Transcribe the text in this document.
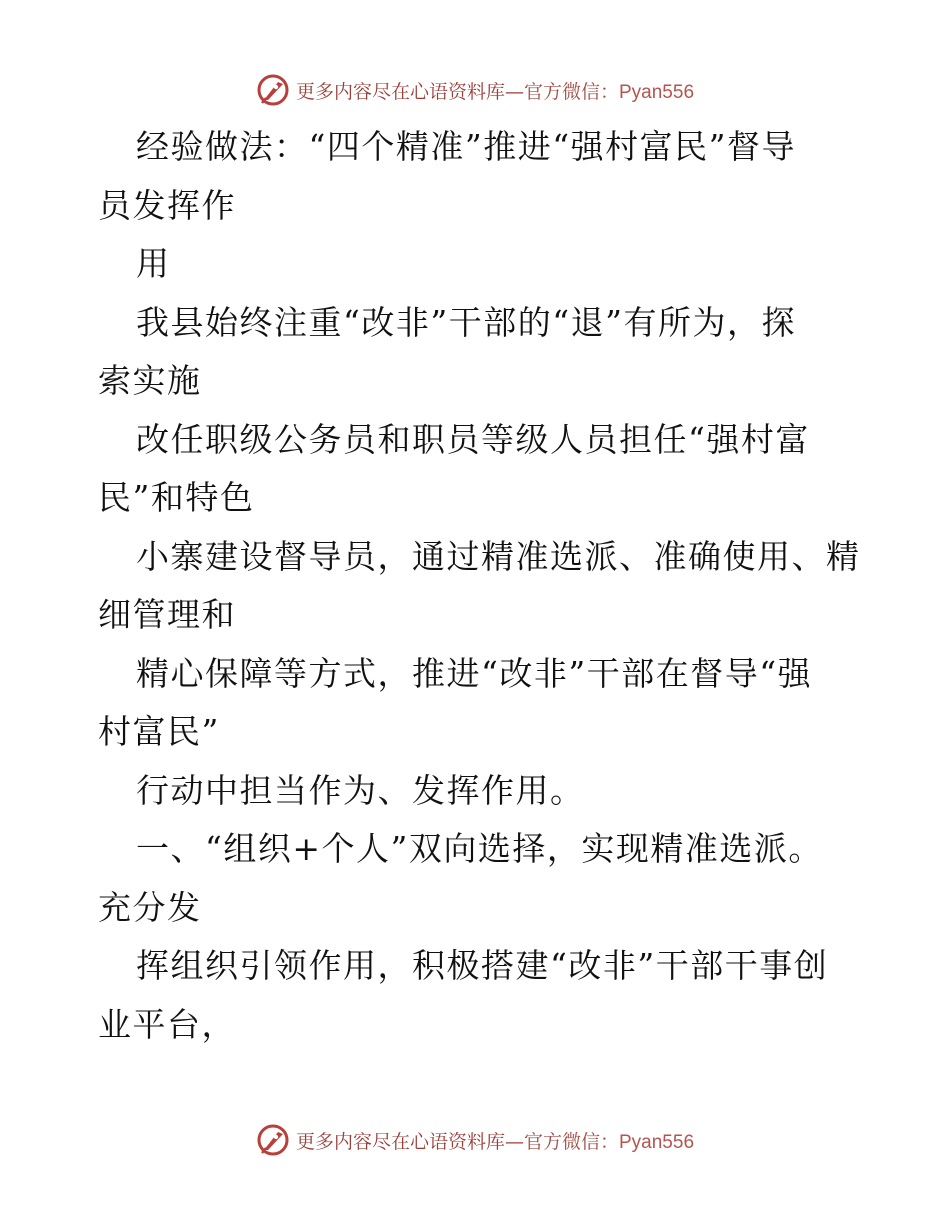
更多内容尽在心语资料库—官方微信：Pyan556
经验做法：“四个精准”推进“强村富民”督导
员发挥作
用
我县始终注重“改非”干部的“退”有所为，探
索实施
改任职级公务员和职员等级人员担任“强村富
民”和特色
小寨建设督导员，通过精准选派、准确使用、精
细管理和
精心保障等方式，推进“改非”干部在督导“强
村富民”
行动中担当作为、发挥作用。
一、“组织+个人”双向选择，实现精准选派。
充分发
挥组织引领作用，积极搭建“改非”干部干事创
业平台，
更多内容尽在心语资料库—官方微信：Pyan556
